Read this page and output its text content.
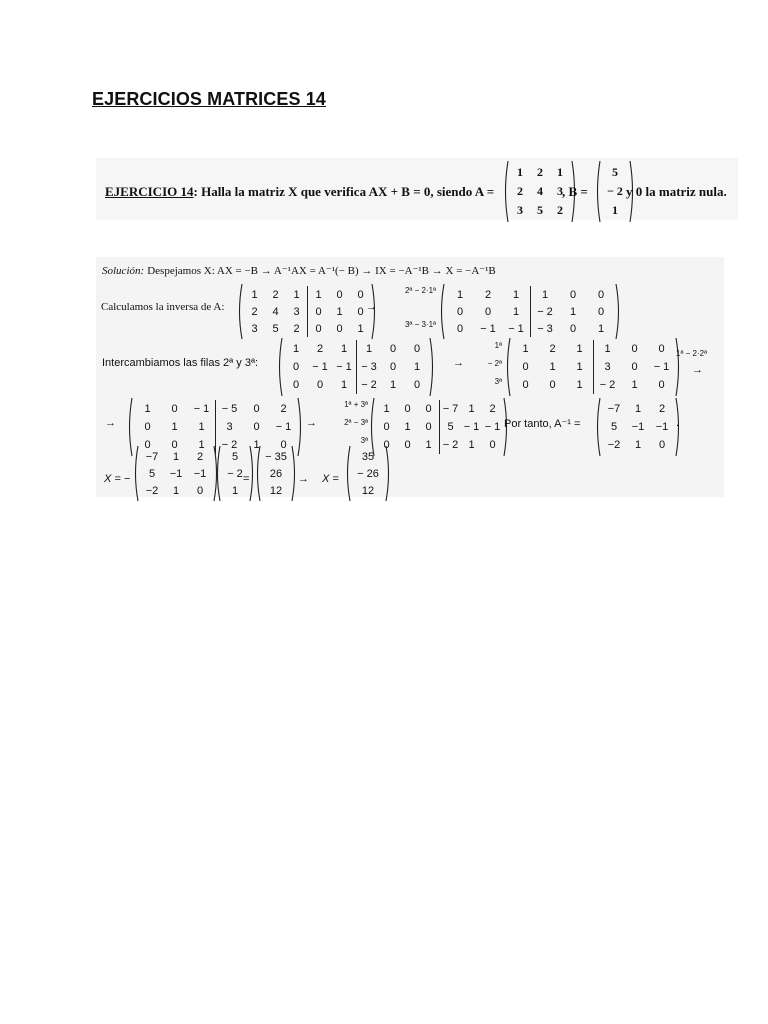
EJERCICIOS MATRICES 14
EJERCICIO 14: Halla la matriz X que verifica AX + B = 0, siendo A =
1	2	1
2	4	3
3	5	2
, B =
5
− 2
1
y 0 la matriz nula.
Solución: Despejamos X: AX = −B → A⁻¹AX = A⁻¹(− B) → IX = −A⁻¹B → X = −A⁻¹B
Calculamos la inversa de A:
1	2	1	1	0	0
2	4	3	0	1	0
3	5	2	0	0	1
→
2ª − 2·1ª
3ª − 3·1ª
1	2	1	1	0	0
0	0	1	− 2	1	0
0	− 1	− 1	− 3	0	1
Intercambiamos las filas 2ª y 3ª:
1	2	1	1	0	0
0	− 1	− 1	− 3	0	1
0	0	1	− 2	1	0
→
1ª
− 2ª
3ª
1	2	1	1	0	0
0	1	1	3	0	− 1
0	0	1	− 2	1	0
1ª − 2·2ª
→
→
1	0	− 1	− 5	0	2
0	1	1	3	0	− 1
0	0	1	− 2	1	0
→
1ª + 3ª
2ª − 3ª
3ª
1	0	0	− 7	1	2
0	1	0	5	− 1	− 1
0	0	1	− 2	1	0
Por tanto, A⁻¹ =
−7	1	2
5	−1	−1
−2	1	0
.
X = −
−7	1	2
5	−1	−1
−2	1	0
5
− 2
1
=
− 35
26
12
→ X =
35
− 26
12
